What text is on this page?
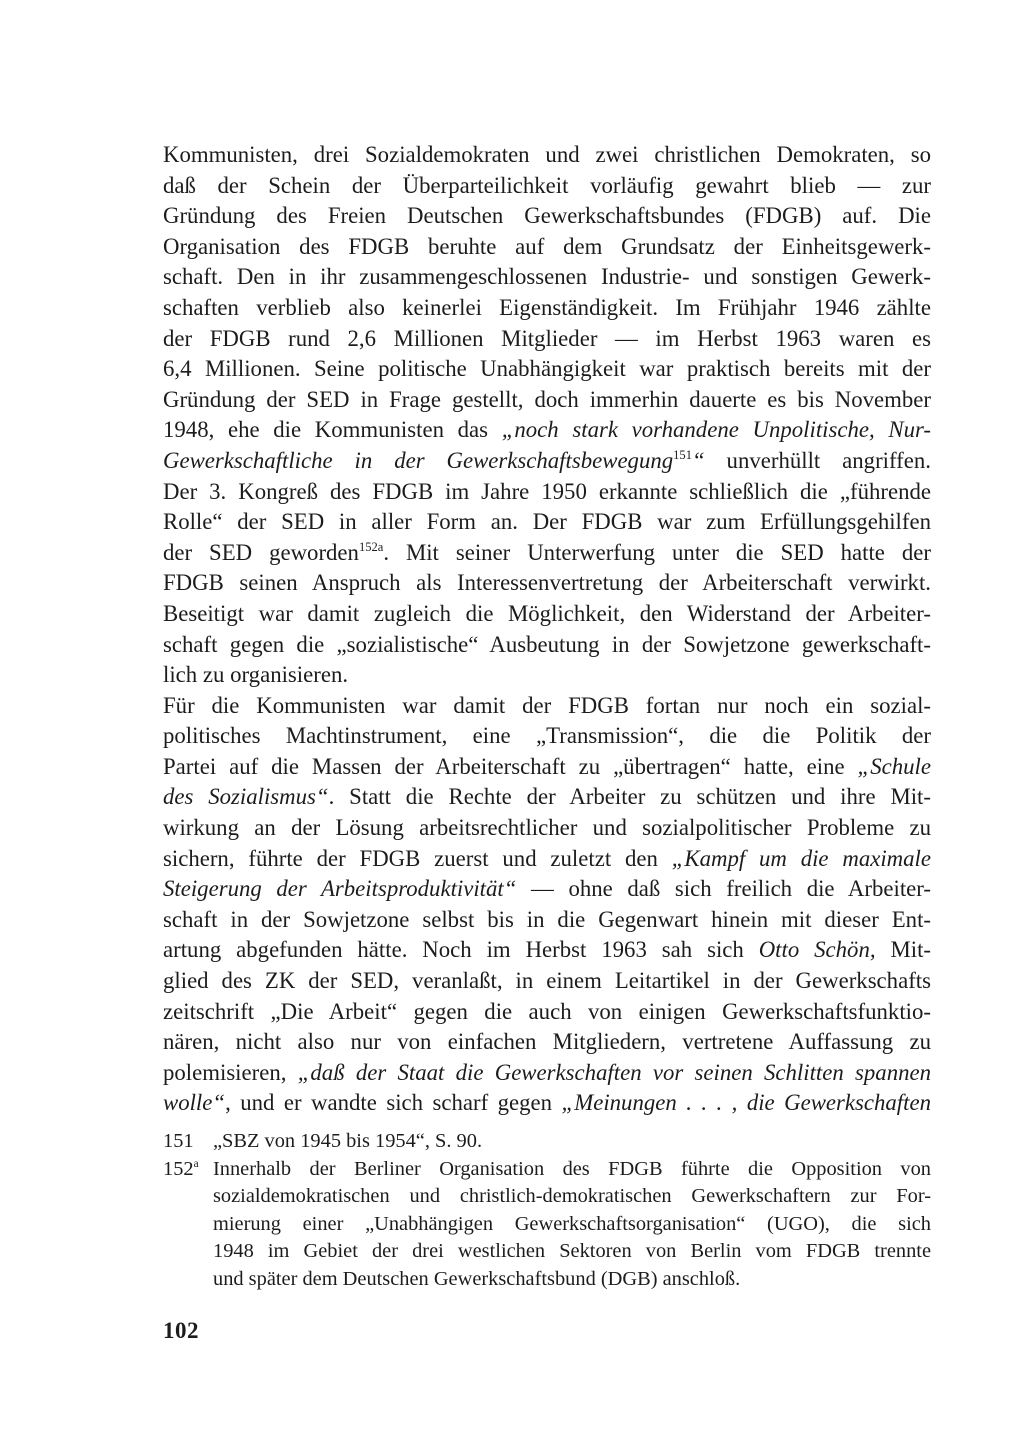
Kommunisten, drei Sozialdemokraten und zwei christlichen Demokraten, so
daß der Schein der Überparteilichkeit vorläufig gewahrt blieb — zur
Gründung des Freien Deutschen Gewerkschaftsbundes (FDGB) auf. Die
Organisation des FDGB beruhte auf dem Grundsatz der Einheitsgewerk-
schaft. Den in ihr zusammengeschlossenen Industrie- und sonstigen Gewerk-
schaften verblieb also keinerlei Eigenständigkeit. Im Frühjahr 1946 zählte
der FDGB rund 2,6 Millionen Mitglieder — im Herbst 1963 waren es
6,4 Millionen. Seine politische Unabhängigkeit war praktisch bereits mit der
Gründung der SED in Frage gestellt, doch immerhin dauerte es bis November
1948, ehe die Kommunisten das „noch stark vorhandene Unpolitische, Nur-
Gewerkschaftliche in der Gewerkschaftsbewegung$^{151}$“ unverhüllt angriffen.
Der 3. Kongreß des FDGB im Jahre 1950 erkannte schließlich die „führende
Rolle“ der SED in aller Form an. Der FDGB war zum Erfüllungsgehilfen
der SED geworden$^{152a}$. Mit seiner Unterwerfung unter die SED hatte der
FDGB seinen Anspruch als Interessenvertretung der Arbeiterschaft verwirkt.
Beseitigt war damit zugleich die Möglichkeit, den Widerstand der Arbeiter-
schaft gegen die „sozialistische“ Ausbeutung in der Sowjetzone gewerkschaft-
lich zu organisieren.
Für die Kommunisten war damit der FDGB fortan nur noch ein sozial-
politisches Machtinstrument, eine „Transmission“, die die Politik der
Partei auf die Massen der Arbeiterschaft zu „übertragen“ hatte, eine „Schule
des Sozialismus“. Statt die Rechte der Arbeiter zu schützen und ihre Mit-
wirkung an der Lösung arbeitsrechtlicher und sozialpolitischer Probleme zu
sichern, führte der FDGB zuerst und zuletzt den „Kampf um die maximale
Steigerung der Arbeitsproduktivität“ — ohne daß sich freilich die Arbeiter-
schaft in der Sowjetzone selbst bis in die Gegenwart hinein mit dieser Ent-
artung abgefunden hätte. Noch im Herbst 1963 sah sich Otto Schön, Mit-
glied des ZK der SED, veranlaßt, in einem Leitartikel in der Gewerkschafts
zeitschrift „Die Arbeit“ gegen die auch von einigen Gewerkschaftsfunktio-
nären, nicht also nur von einfachen Mitgliedern, vertretene Auffassung zu
polemisieren, „daß der Staat die Gewerkschaften vor seinen Schlitten spannen
wolle“, und er wandte sich scharf gegen „Meinungen . . . , die Gewerkschaften
151 „SBZ von 1945 bis 1954“, S. 90.
152$^a$ Innerhalb der Berliner Organisation des FDGB führte die Opposition von
sozialdemokratischen und christlich-demokratischen Gewerkschaftern zur For-
mierung einer „Unabhängigen Gewerkschaftsorganisation“ (UGO), die sich
1948 im Gebiet der drei westlichen Sektoren von Berlin vom FDGB trennte
und später dem Deutschen Gewerkschaftsbund (DGB) anschloß.
102
